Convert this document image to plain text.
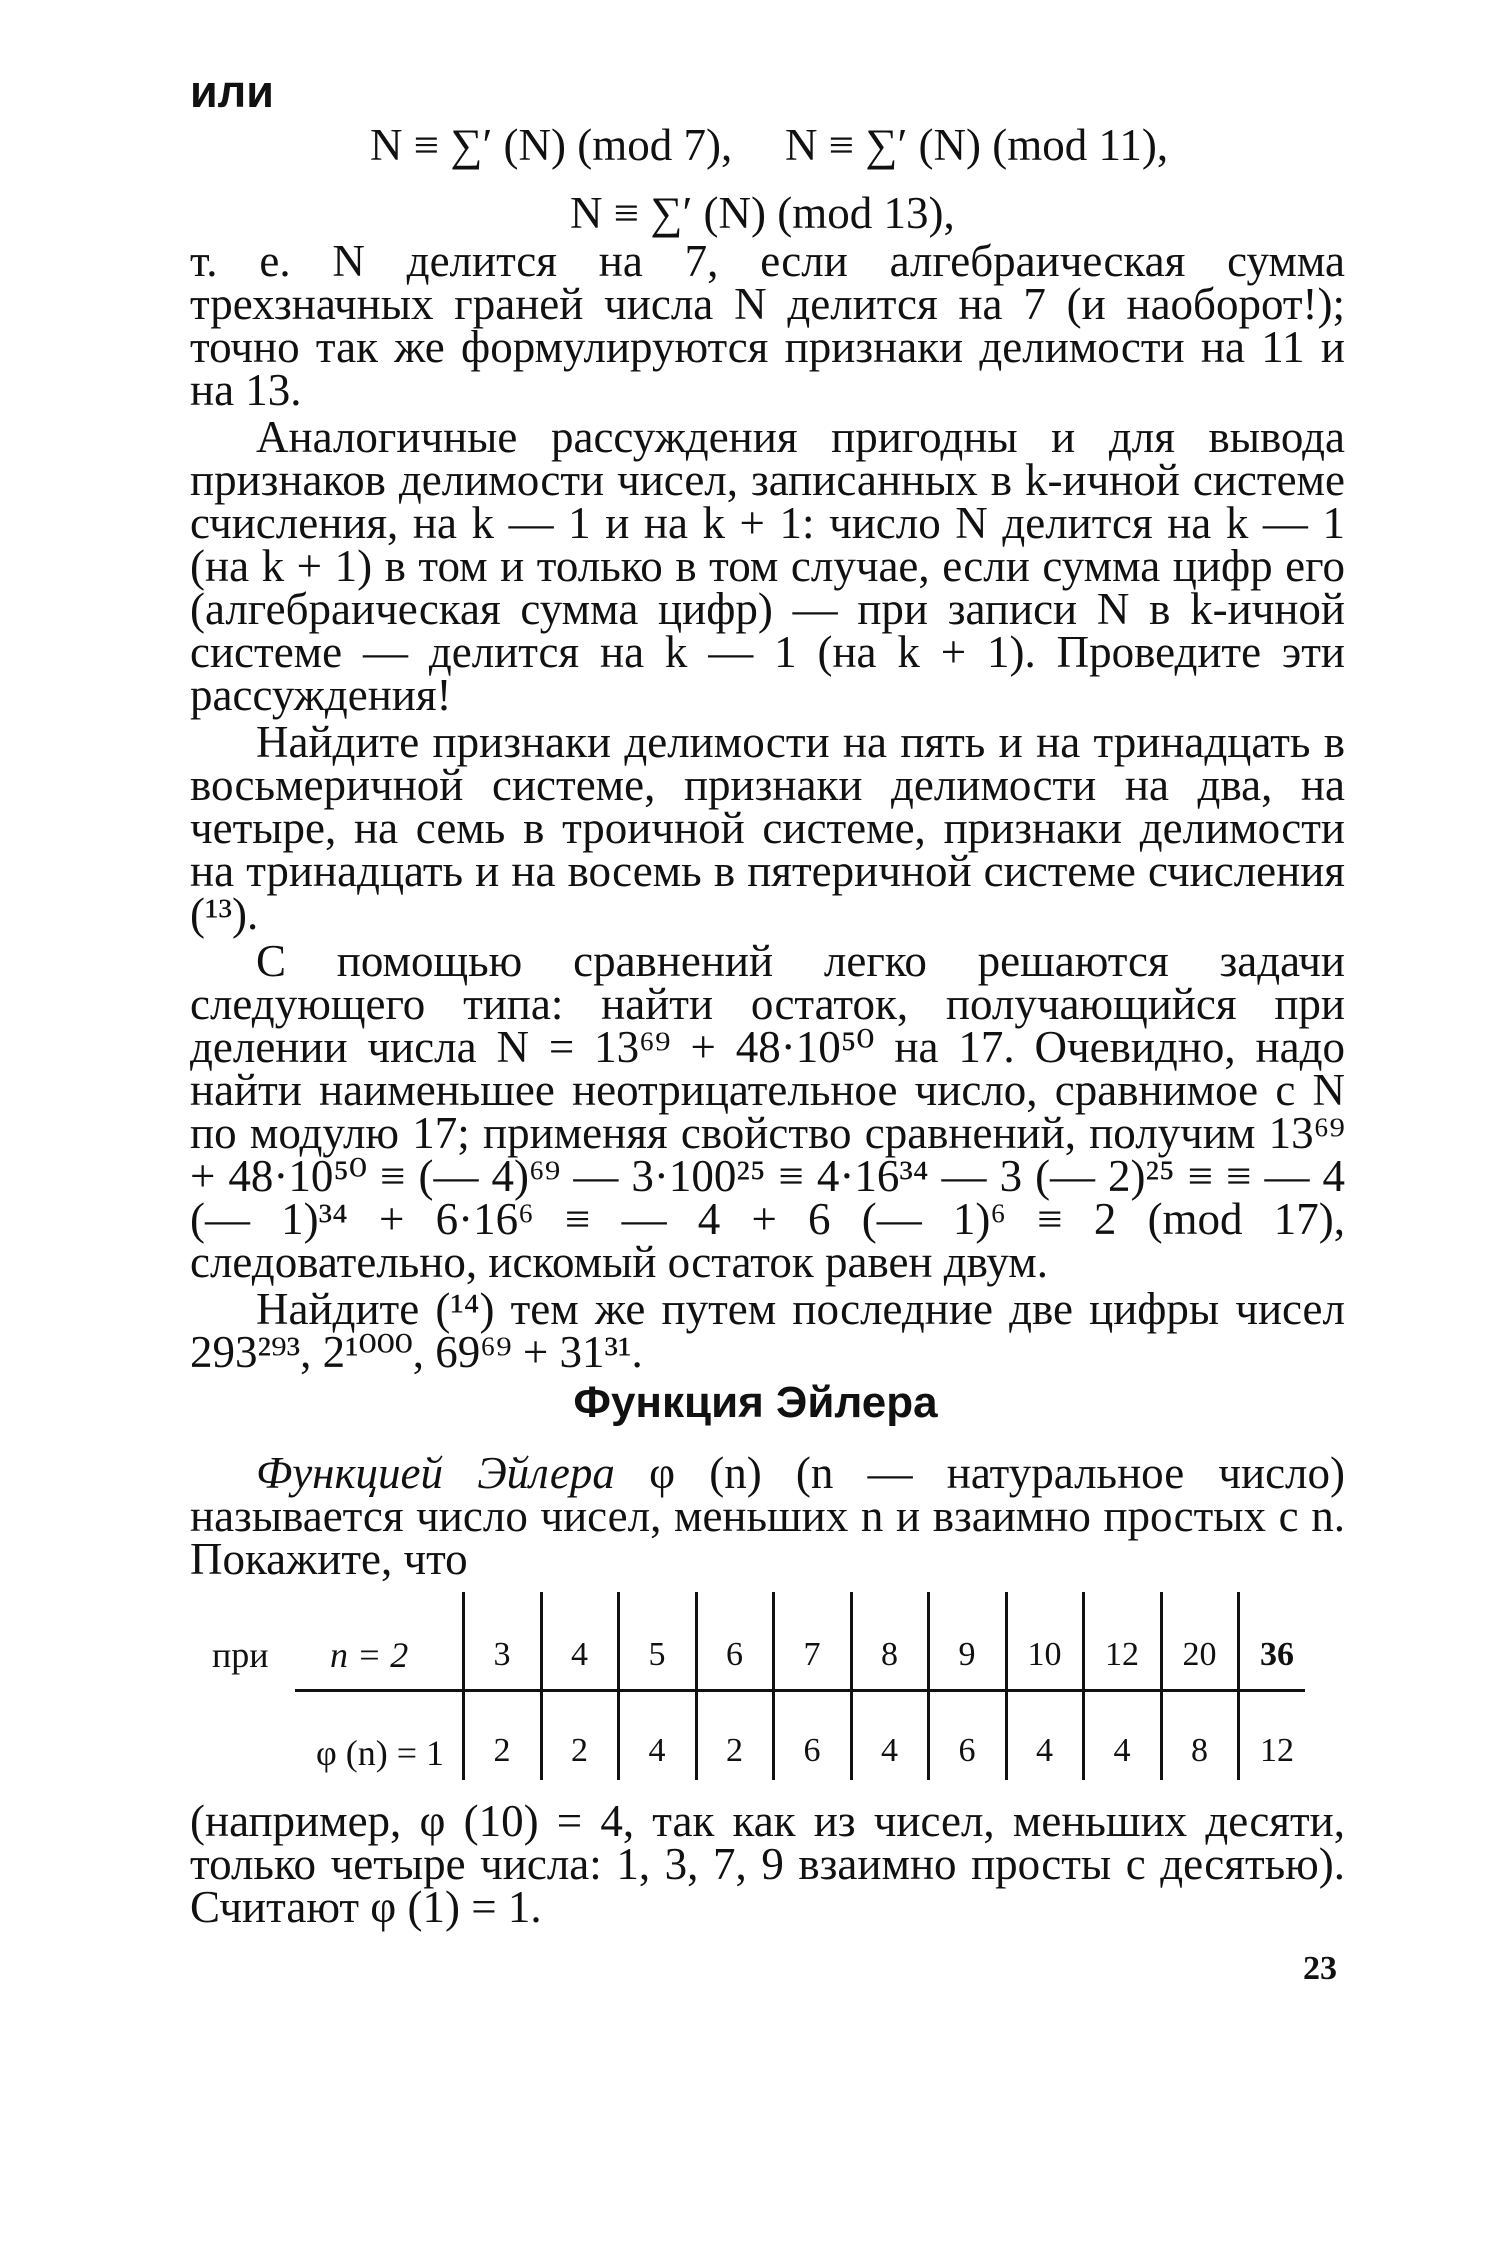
или
N ≡ ∑′ (N) (mod 7), N ≡ ∑′ (N) (mod 11),
N ≡ ∑′ (N) (mod 13),

т. е. N делится на 7, если алгебраическая сумма трехзначных граней числа N делится на 7 (и наоборот!); точно так же формулируются признаки делимости на 11 и на 13.

Аналогичные рассуждения пригодны и для вывода признаков делимости чисел, записанных в k-ичной системе счисления, на k — 1 и на k + 1: число N делится на k — 1 (на k + 1) в том и только в том случае, если сумма цифр его (алгебраическая сумма цифр) — при записи N в k-ичной системе — делится на k — 1 (на k + 1). Проведите эти рассуждения!

Найдите признаки делимости на пять и на тринадцать в восьмеричной системе, признаки делимости на два, на четыре, на семь в троичной системе, признаки делимости на тринадцать и на восемь в пятеричной системе счисления (¹³).

С помощью сравнений легко решаются задачи следующего типа: найти остаток, получающийся при делении числа N = 13⁶⁹ + 48·10⁵⁰ на 17. Очевидно, надо найти наименьшее неотрицательное число, сравнимое с N по модулю 17; применяя свойство сравнений, получим 13⁶⁹ + 48·10⁵⁰ ≡ (— 4)⁶⁹ — 3·100²⁵ ≡ 4·16³⁴ — 3 (— 2)²⁵ ≡ ≡ — 4 (— 1)³⁴ + 6·16⁶ ≡ — 4 + 6 (— 1)⁶ ≡ 2 (mod 17), следовательно, искомый остаток равен двум.

Найдите (¹⁴) тем же путем последние две цифры чисел 293²⁹³, 2¹⁰⁰⁰, 69⁶⁹ + 31³¹.

Функция Эйлера

Функцией Эйлера φ (n) (n — натуральное число) называется число чисел, меньших n и взаимно простых с n. Покажите, что

при n = 2
φ (n) = 1
3
2
4
2
5
4
6
2
7
6
8
4
9
6
10
4
12
4
20
8
36
12

(например, φ (10) = 4, так как из чисел, меньших десяти, только четыре числа: 1, 3, 7, 9 взаимно просты с десятью). Считают φ (1) = 1.

23
